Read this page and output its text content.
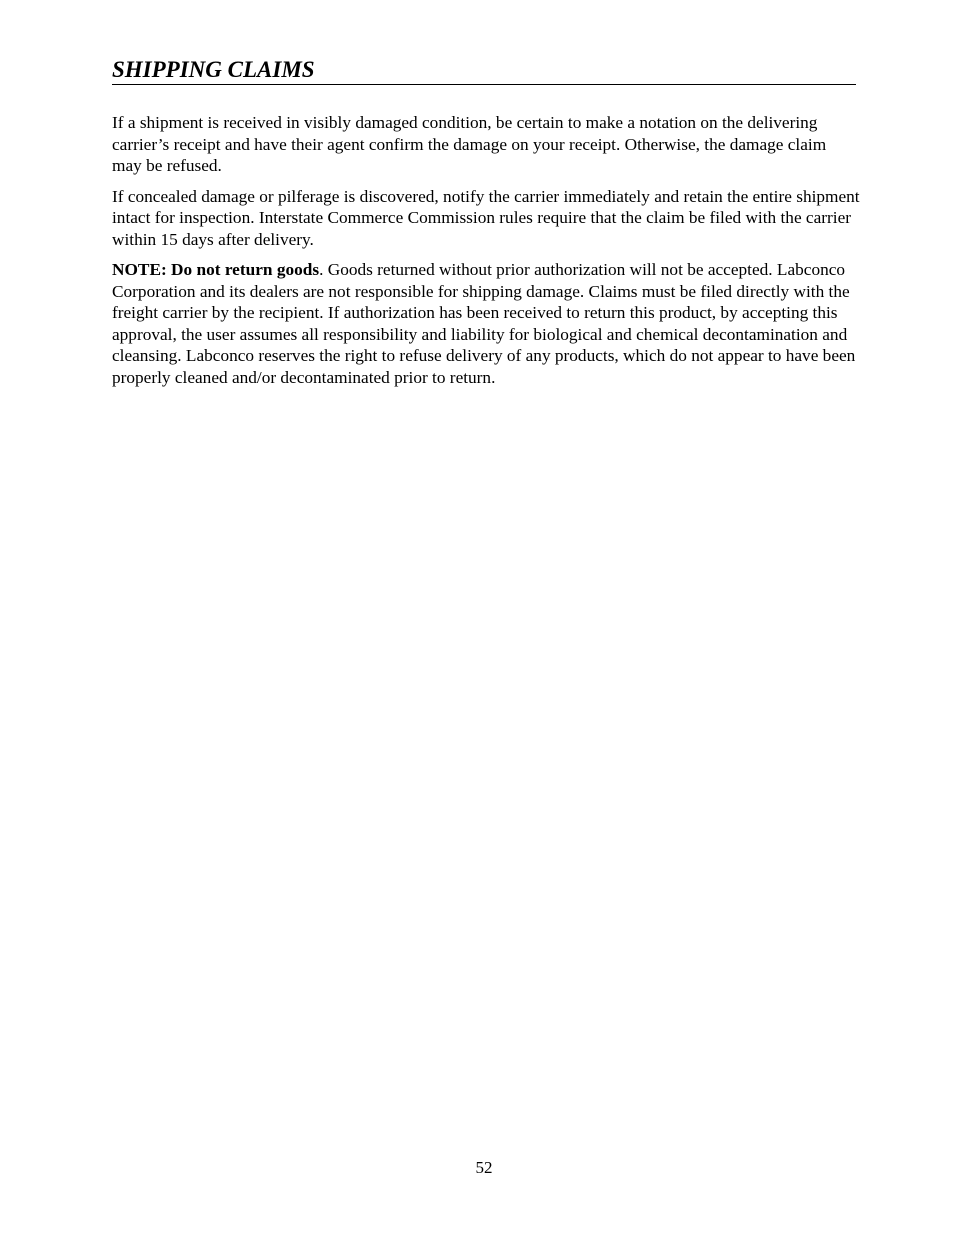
SHIPPING CLAIMS

If a shipment is received in visibly damaged condition, be certain to make a notation on the delivering carrier’s receipt and have their agent confirm the damage on your receipt. Otherwise, the damage claim may be refused.

If concealed damage or pilferage is discovered, notify the carrier immediately and retain the entire shipment intact for inspection. Interstate Commerce Commission rules require that the claim be filed with the carrier within 15 days after delivery.

NOTE: Do not return goods. Goods returned without prior authorization will not be accepted. Labconco Corporation and its dealers are not responsible for shipping damage. Claims must be filed directly with the freight carrier by the recipient. If authorization has been received to return this product, by accepting this approval, the user assumes all responsibility and liability for biological and chemical decontamination and cleansing. Labconco reserves the right to refuse delivery of any products, which do not appear to have been properly cleaned and/or decontaminated prior to return.

52
